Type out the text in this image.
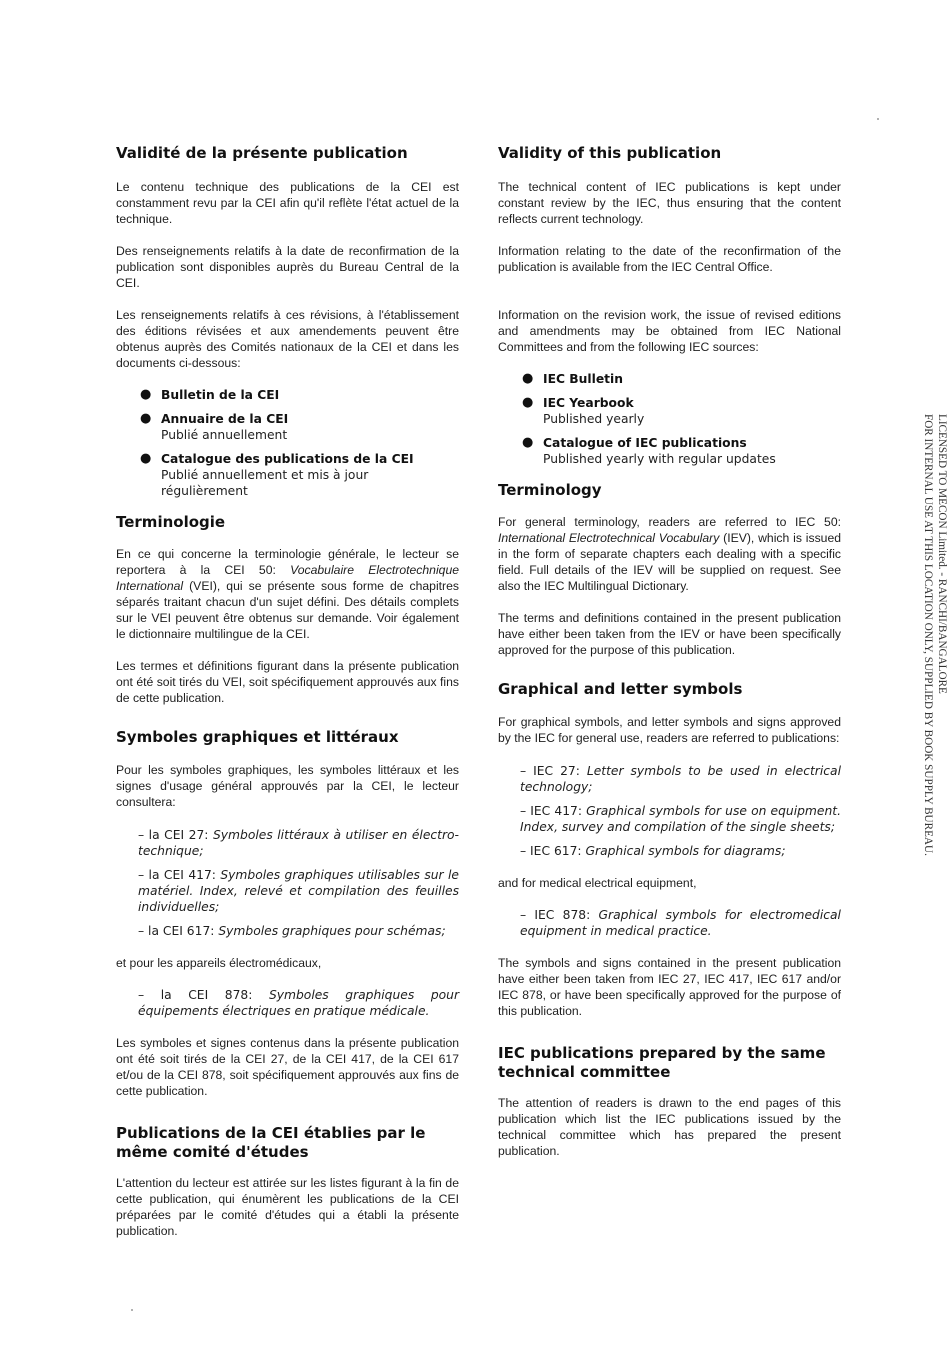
Validité de la présente publication

Le contenu technique des publications de la CEI est constamment revu par la CEI afin qu'il reflète l'état actuel de la technique.

Des renseignements relatifs à la date de reconfirmation de la publication sont disponibles auprès du Bureau Central de la CEI.

Les renseignements relatifs à ces révisions, à l'établissement des éditions révisées et aux amendements peuvent être obtenus auprès des Comités nationaux de la CEI et dans les documents ci-dessous:

● Bulletin de la CEI
● Annuaire de la CEI
Publié annuellement
● Catalogue des publications de la CEI
Publié annuellement et mis à jour régulièrement
Terminologie

En ce qui concerne la terminologie générale, le lecteur se reportera à la CEI 50: Vocabulaire Electrotechnique International (VEI), qui se présente sous forme de chapitres séparés traitant chacun d'un sujet défini. Des détails complets sur le VEI peuvent être obtenus sur demande. Voir également le dictionnaire multilingue de la CEI.

Les termes et définitions figurant dans la présente publication ont été soit tirés du VEI, soit spécifiquement approuvés aux fins de cette publication.

Symboles graphiques et littéraux

Pour les symboles graphiques, les symboles littéraux et les signes d'usage général approuvés par la CEI, le lecteur consultera:

– la CEI 27: Symboles littéraux à utiliser en électro-technique;

– la CEI 417: Symboles graphiques utilisables sur le matériel. Index, relevé et compilation des feuilles individuelles;

– la CEI 617: Symboles graphiques pour schémas;

et pour les appareils électromédicaux,

– la CEI 878: Symboles graphiques pour équipements électriques en pratique médicale.

Les symboles et signes contenus dans la présente publication ont été soit tirés de la CEI 27, de la CEI 417, de la CEI 617 et/ou de la CEI 878, soit spécifiquement approuvés aux fins de cette publication.

Publications de la CEI établies par le même comité d'études

L'attention du lecteur est attirée sur les listes figurant à la fin de cette publication, qui énumèrent les publications de la CEI préparées par le comité d'études qui a établi la présente publication.

Validity of this publication

The technical content of IEC publications is kept under constant review by the IEC, thus ensuring that the content reflects current technology.

Information relating to the date of the reconfirmation of the publication is available from the IEC Central Office.

Information on the revision work, the issue of revised editions and amendments may be obtained from IEC National Committees and from the following IEC sources:

● IEC Bulletin
● IEC Yearbook
Published yearly
● Catalogue of IEC publications
Published yearly with regular updates
Terminology

For general terminology, readers are referred to IEC 50: International Electrotechnical Vocabulary (IEV), which is issued in the form of separate chapters each dealing with a specific field. Full details of the IEV will be supplied on request. See also the IEC Multilingual Dictionary.

The terms and definitions contained in the present publication have either been taken from the IEV or have been specifically approved for the purpose of this publication.

Graphical and letter symbols

For graphical symbols, and letter symbols and signs approved by the IEC for general use, readers are referred to publications:

– IEC 27: Letter symbols to be used in electrical technology;

– IEC 417: Graphical symbols for use on equipment. Index, survey and compilation of the single sheets;

– IEC 617: Graphical symbols for diagrams;

and for medical electrical equipment,

– IEC 878: Graphical symbols for electromedical equipment in medical practice.

The symbols and signs contained in the present publication have either been taken from IEC 27, IEC 417, IEC 617 and/or IEC 878, or have been specifically approved for the purpose of this publication.

IEC publications prepared by the same technical committee

The attention of readers is drawn to the end pages of this publication which list the IEC publications issued by the technical committee which has prepared the present publication.

LICENSED TO MECON Limited. - RANCHI/BANGALORE
FOR INTERNAL USE AT THIS LOCATION ONLY, SUPPLIED BY BOOK SUPPLY BUREAU.
